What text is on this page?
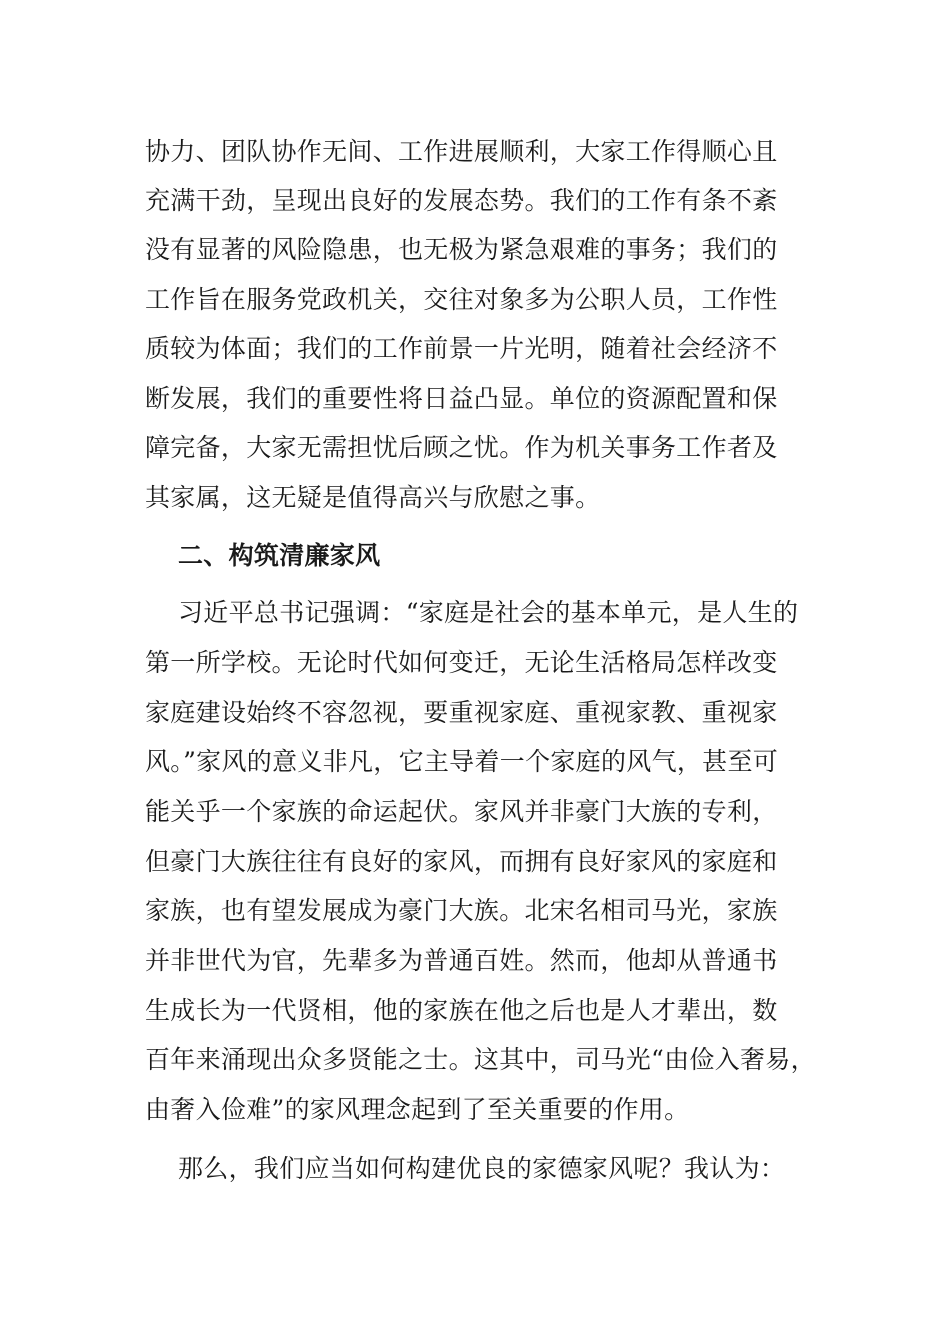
协力、团队协作无间、工作进展顺利，大家工作得顺心且
充满干劲，呈现出良好的发展态势。我们的工作有条不紊
没有显著的风险隐患，也无极为紧急艰难的事务；我们的
工作旨在服务党政机关，交往对象多为公职人员，工作性
质较为体面；我们的工作前景一片光明，随着社会经济不
断发展，我们的重要性将日益凸显。单位的资源配置和保
障完备，大家无需担忧后顾之忧。作为机关事务工作者及
其家属，这无疑是值得高兴与欣慰之事。
二、构筑清廉家风
习近平总书记强调：“家庭是社会的基本单元，是人生的
第一所学校。无论时代如何变迁，无论生活格局怎样改变
家庭建设始终不容忽视，要重视家庭、重视家教、重视家
风。”家风的意义非凡，它主导着一个家庭的风气，甚至可
能关乎一个家族的命运起伏。家风并非豪门大族的专利，
但豪门大族往往有良好的家风，而拥有良好家风的家庭和
家族，也有望发展成为豪门大族。北宋名相司马光，家族
并非世代为官，先辈多为普通百姓。然而，他却从普通书
生成长为一代贤相，他的家族在他之后也是人才辈出，数
百年来涌现出众多贤能之士。这其中，司马光“由俭入奢易，
由奢入俭难”的家风理念起到了至关重要的作用。
那么，我们应当如何构建优良的家德家风呢？我认为：
